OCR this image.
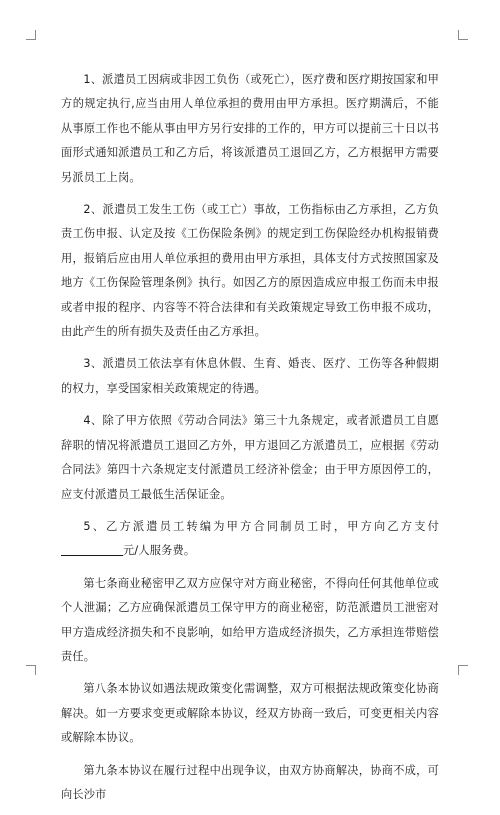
1、派遣员工因病或非因工负伤（或死亡），医疗费和医疗期按国家和甲方的规定执行,应当由用人单位承担的费用由甲方承担。医疗期满后，不能从事原工作也不能从事由甲方另行安排的工作的，甲方可以提前三十日以书面形式通知派遣员工和乙方后，将该派遣员工退回乙方，乙方根据甲方需要另派员工上岗。

2、派遣员工发生工伤（或工亡）事故，工伤指标由乙方承担，乙方负责工伤申报、认定及按《工伤保险条例》的规定到工伤保险经办机构报销费用，报销后应由用人单位承担的费用由甲方承担，具体支付方式按照国家及地方《工伤保险管理条例》执行。如因乙方的原因造成应申报工伤而未申报或者申报的程序、内容等不符合法律和有关政策规定导致工伤申报不成功，由此产生的所有损失及责任由乙方承担。

3、派遣员工依法享有休息休假、生育、婚丧、医疗、工伤等各种假期的权力，享受国家相关政策规定的待遇。

4、除了甲方依照《劳动合同法》第三十九条规定，或者派遣员工自愿辞职的情况将派遣员工退回乙方外，甲方退回乙方派遣员工，应根据《劳动合同法》第四十六条规定支付派遣员工经济补偿金；由于甲方原因停工的，应支付派遣员工最低生活保证金。

5、乙方派遣员工转编为甲方合同制员工时，甲方向乙方支付元/人服务费。

第七条商业秘密甲乙双方应保守对方商业秘密，不得向任何其他单位或个人泄漏；乙方应确保派遣员工保守甲方的商业秘密，防范派遣员工泄密对甲方造成经济损失和不良影响，如给甲方造成经济损失，乙方承担连带赔偿责任。

第八条本协议如遇法规政策变化需调整，双方可根据法规政策变化协商解决。如一方要求变更或解除本协议，经双方协商一致后，可变更相关内容或解除本协议。

第九条本协议在履行过程中出现争议，由双方协商解决，协商不成，可向长沙市
